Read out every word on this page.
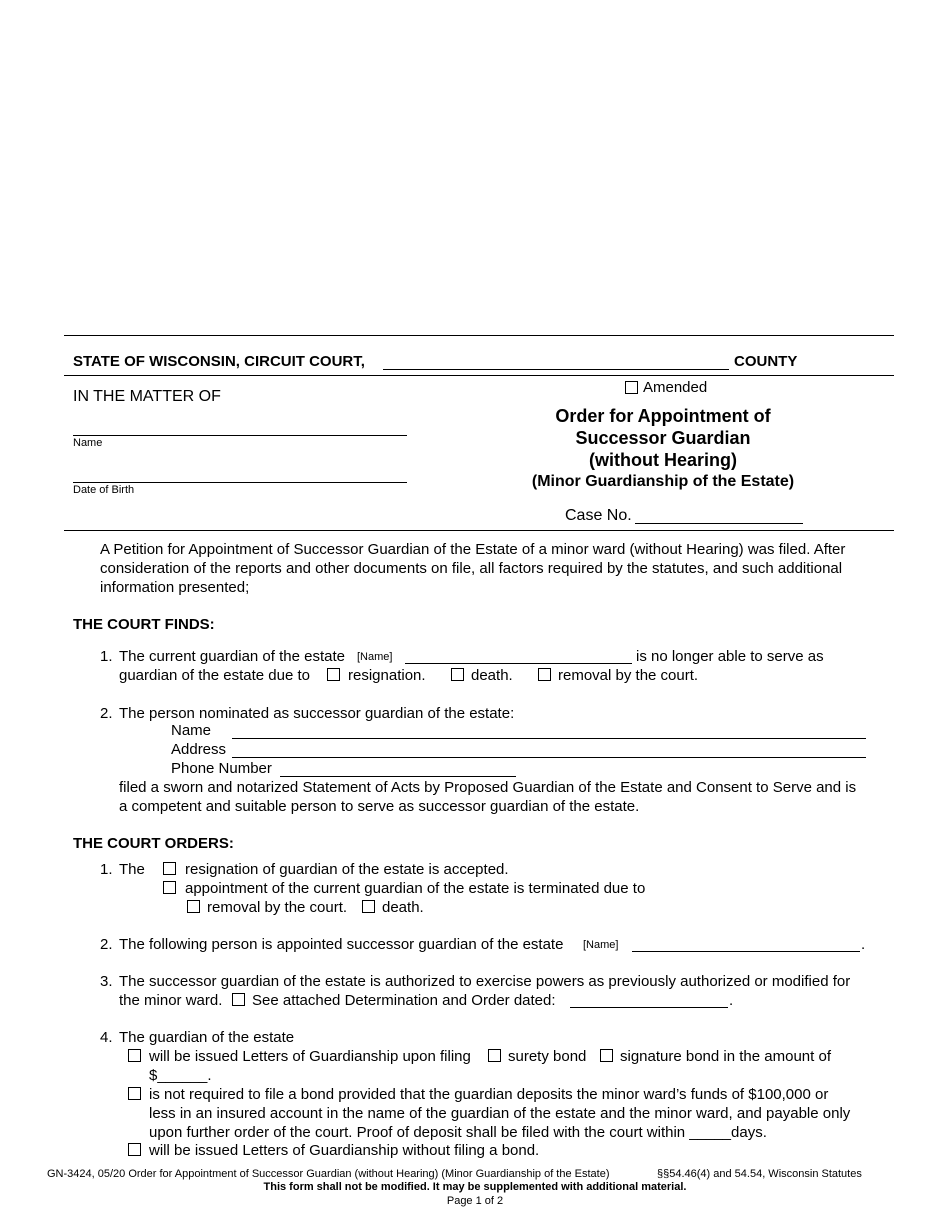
STATE OF WISCONSIN, CIRCUIT COURT,	COUNTY
Amended
IN THE MATTER OF
Name
Date of Birth
Order for Appointment of
Successor Guardian
(without Hearing)
(Minor Guardianship of the Estate)
Case No.
A Petition for Appointment of Successor Guardian of the Estate of a minor ward (without Hearing) was filed. After
consideration of the reports and other documents on file, all factors required by the statutes, and such additional
information presented;
THE COURT FINDS:
1. The current guardian of the estate [Name]	is no longer able to serve as
guardian of the estate due to	resignation.	death.	removal by the court.
2. The person nominated as successor guardian of the estate:
Name
Address
Phone Number
filed a sworn and notarized Statement of Acts by Proposed Guardian of the Estate and Consent to Serve and is
a competent and suitable person to serve as successor guardian of the estate.
THE COURT ORDERS:
1. The	resignation of guardian of the estate is accepted.
appointment of the current guardian of the estate is terminated due to
removal by the court. death.
2. The following person is appointed successor guardian of the estate [Name]	.
3. The successor guardian of the estate is authorized to exercise powers as previously authorized or modified for
the minor ward. See attached Determination and Order dated:	.
4. The guardian of the estate
will be issued Letters of Guardianship upon filing surety bond signature bond in the amount of
$______.
is not required to file a bond provided that the guardian deposits the minor ward’s funds of $100,000 or
less in an insured account in the name of the guardian of the estate and the minor ward, and payable only
upon further order of the court. Proof of deposit shall be filed with the court within _____days.
will be issued Letters of Guardianship without filing a bond.
GN-3424, 05/20 Order for Appointment of Successor Guardian (without Hearing) (Minor Guardianship of the Estate)	§§54.46(4) and 54.54, Wisconsin Statutes
This form shall not be modified. It may be supplemented with additional material.
Page 1 of 2
